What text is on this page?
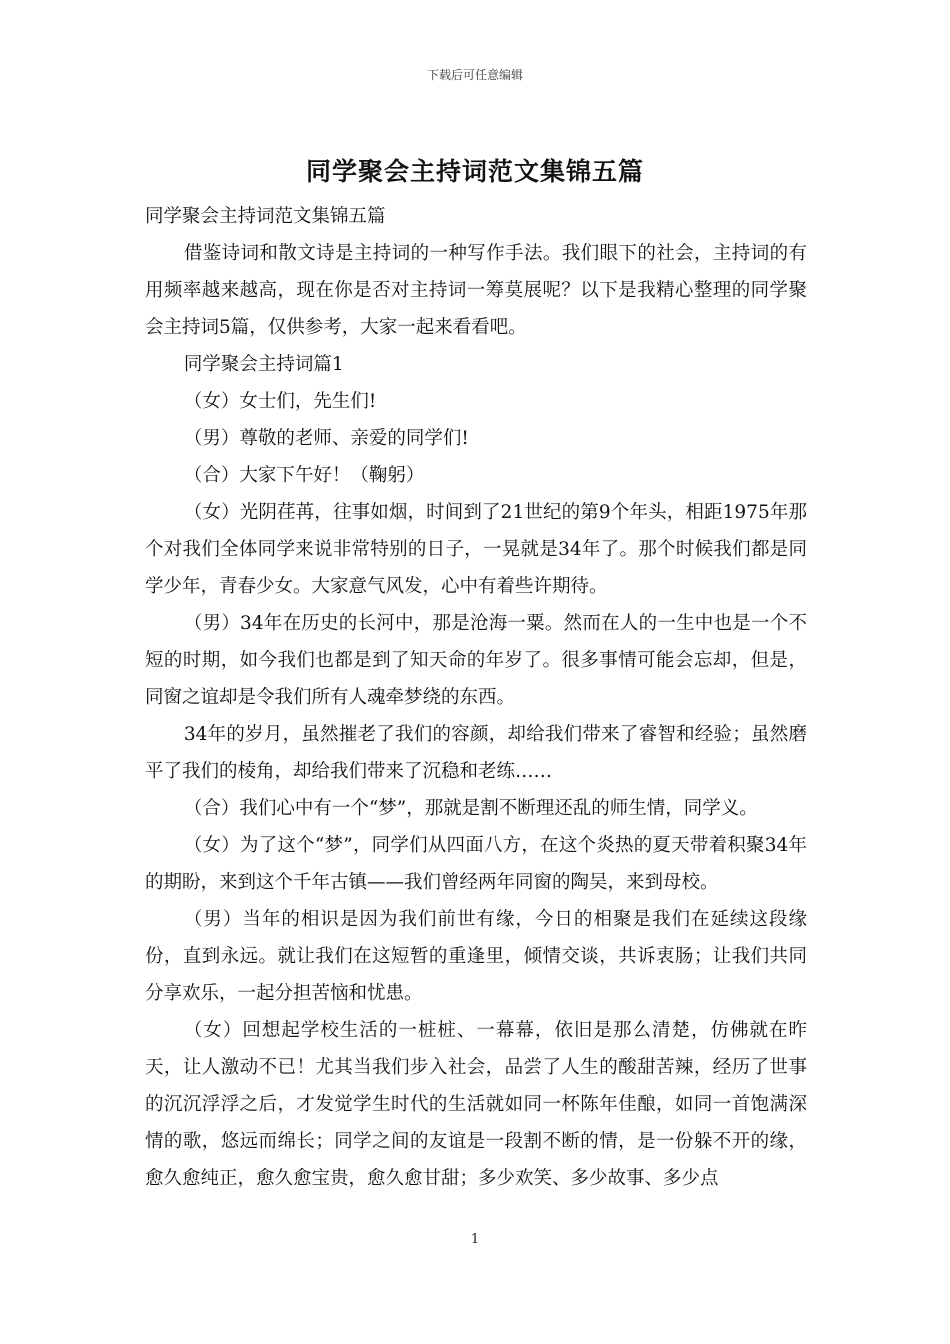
下载后可任意编辑
同学聚会主持词范文集锦五篇

同学聚会主持词范文集锦五篇

借鉴诗词和散文诗是主持词的一种写作手法。我们眼下的社会，主持词的有用频率越来越高，现在你是否对主持词一筹莫展呢？以下是我精心整理的同学聚会主持词5篇，仅供参考，大家一起来看看吧。

同学聚会主持词篇1

（女）女士们，先生们!

（男）尊敬的老师、亲爱的同学们!

（合）大家下午好！（鞠躬）

（女）光阴荏苒，往事如烟，时间到了21世纪的第9个年头，相距1975年那个对我们全体同学来说非常特别的日子，一晃就是34年了。那个时候我们都是同学少年，青春少女。大家意气风发，心中有着些许期待。

（男）34年在历史的长河中，那是沧海一粟。然而在人的一生中也是一个不短的时期，如今我们也都是到了知天命的年岁了。很多事情可能会忘却，但是，同窗之谊却是令我们所有人魂牵梦绕的东西。

34年的岁月，虽然摧老了我们的容颜，却给我们带来了睿智和经验；虽然磨平了我们的棱角，却给我们带来了沉稳和老练……

（合）我们心中有一个“梦”，那就是割不断理还乱的师生情，同学义。

（女）为了这个“梦”，同学们从四面八方，在这个炎热的夏天带着积聚34年的期盼，来到这个千年古镇——我们曾经两年同窗的陶吴，来到母校。

（男）当年的相识是因为我们前世有缘，今日的相聚是我们在延续这段缘份，直到永远。就让我们在这短暂的重逢里，倾情交谈，共诉衷肠；让我们共同分享欢乐，一起分担苦恼和忧患。

（女）回想起学校生活的一桩桩、一幕幕，依旧是那么清楚，仿佛就在昨天，让人激动不已！尤其当我们步入社会，品尝了人生的酸甜苦辣，经历了世事的沉沉浮浮之后，才发觉学生时代的生活就如同一杯陈年佳酿，如同一首饱满深情的歌，悠远而绵长；同学之间的友谊是一段割不断的情，是一份躲不开的缘，愈久愈纯正，愈久愈宝贵，愈久愈甘甜；多少欢笑、多少故事、多少点

1
